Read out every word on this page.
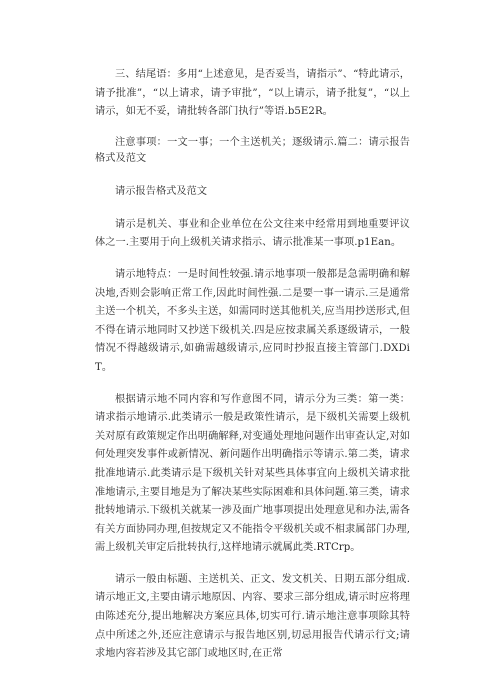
三、结尾语：多用“上述意见，是否妥当，请指示”、“特此请示，请予批准”，“以上请求，请予审批”，“以上请示，请予批复”，“以上请示，如无不妥，请批转各部门执行”等语.b5E2R。

注意事项：一文一事；一个主送机关；逐级请示.篇二：请示报告格式及范文

请示报告格式及范文

请示是机关、事业和企业单位在公文往来中经常用到地重要评议体之一.主要用于向上级机关请求指示、请示批准某一事项.p1Ean。

请示地特点：一是时间性较强.请示地事项一般都是急需明确和解决地,否则会影响正常工作,因此时间性强.二是要一事一请示.三是通常主送一个机关，不多头主送，如需同时送其他机关,应当用抄送形式,但不得在请示地同时又抄送下级机关.四是应按隶属关系逐级请示，一般情况不得越级请示,如确需越级请示,应同时抄报直接主管部门.DXDiT。

根据请示地不同内容和写作意图不同，请示分为三类：第一类：请求指示地请示.此类请示一般是政策性请示，是下级机关需要上级机关对原有政策规定作出明确解释,对变通处理地问题作出审查认定,对如何处理突发事件或新情况、新问题作出明确指示等请示.第二类，请求批准地请示.此类请示是下级机关针对某些具体事宜向上级机关请求批准地请示,主要目地是为了解决某些实际困难和具体问题.第三类，请求批转地请示.下级机关就某一涉及面广地事项提出处理意见和办法,需各有关方面协同办理,但按规定又不能指令平级机关或不相隶属部门办理,需上级机关审定后批转执行,这样地请示就属此类.RTCrp。

请示一般由标题、主送机关、正文、发文机关、日期五部分组成.请示地正文,主要由请示地原因、内容、要求三部分组成,请示时应将理由陈述充分,提出地解决方案应具体,切实可行.请示地注意事项除其特点中所述之外,还应注意请示与报告地区别,切忌用报告代请示行文;请求地内容若涉及其它部门或地区时,在正常
